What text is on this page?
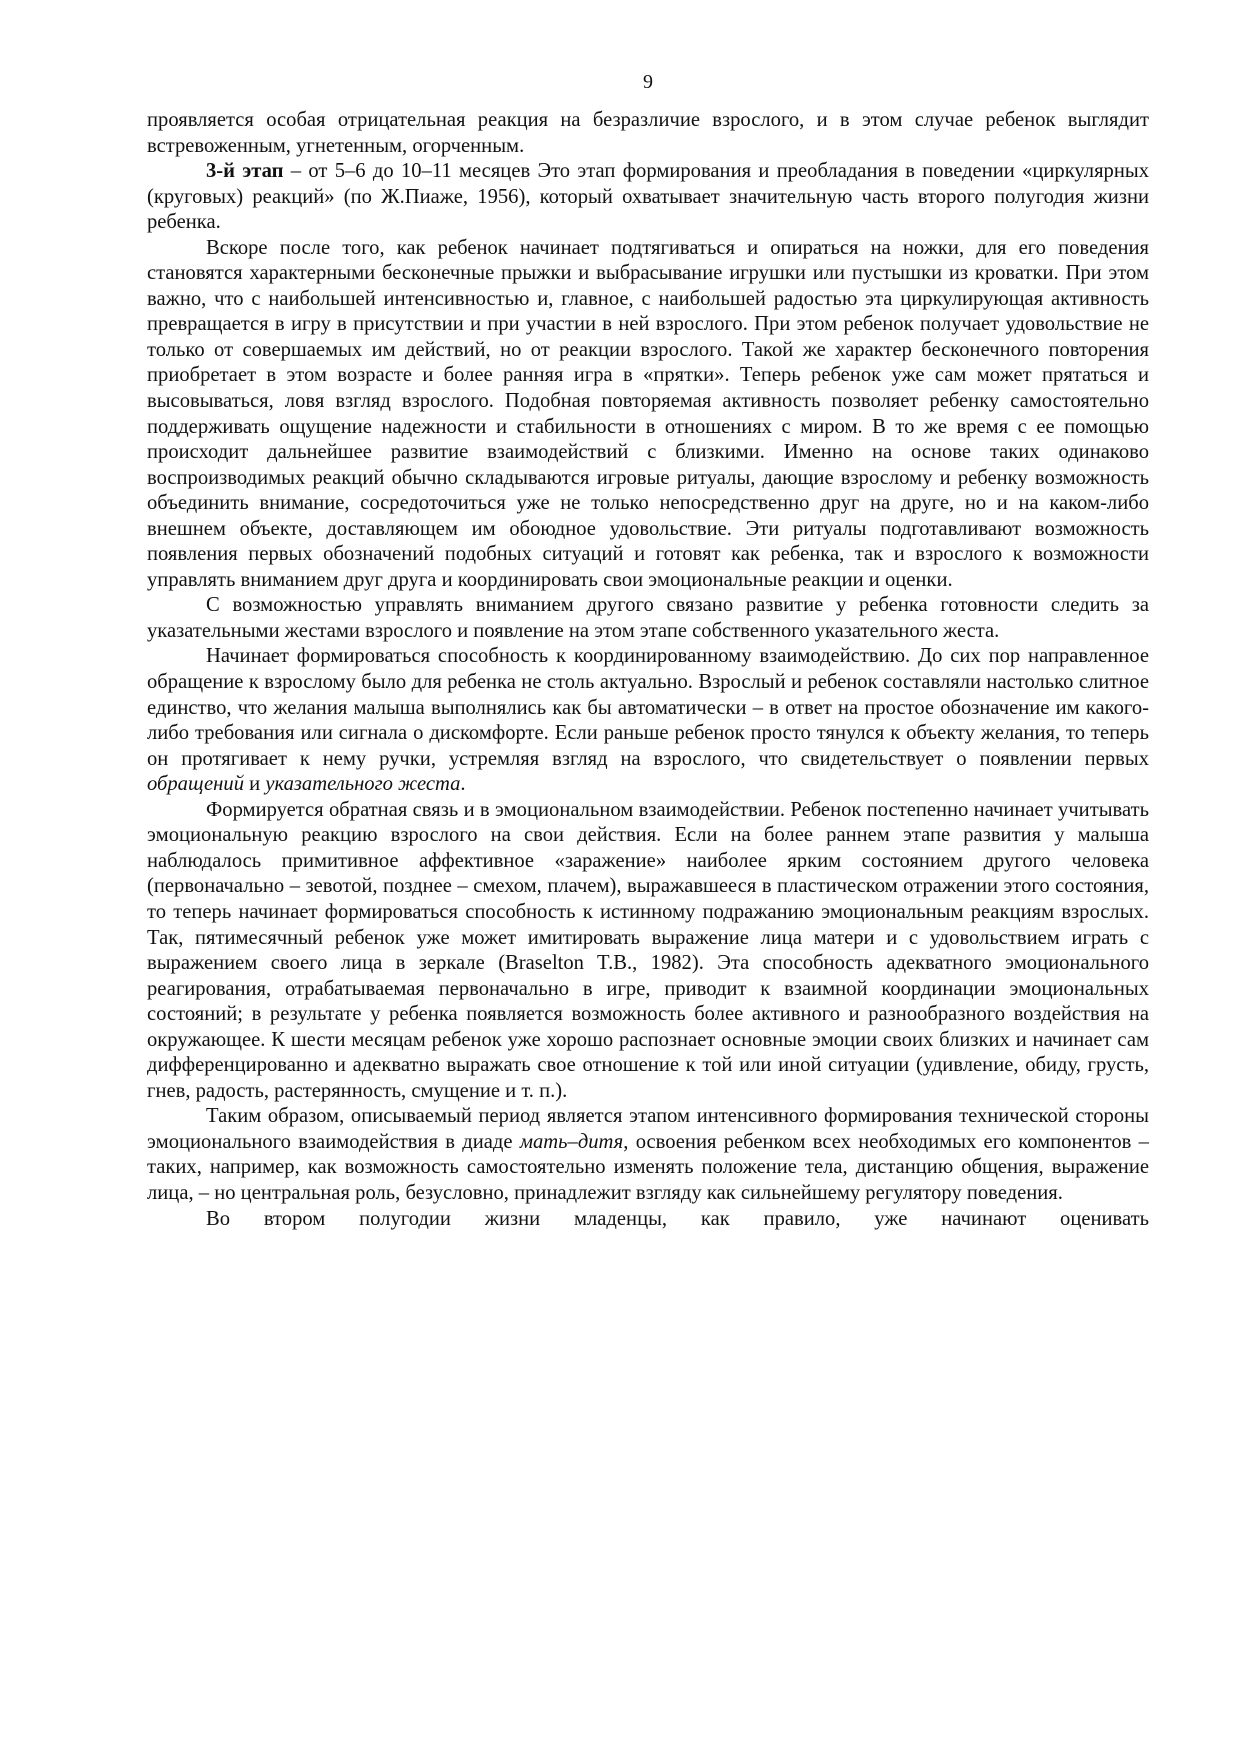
9

проявляется особая отрицательная реакция на безразличие взрослого, и в этом случае ребенок выглядит встревоженным, угнетенным, огорченным.

3-й этап – от 5–6 до 10–11 месяцев Это этап формирования и преобладания в поведении «циркулярных (круговых) реакций» (по Ж.Пиаже, 1956), который охватывает значительную часть второго полугодия жизни ребенка.

Вскоре после того, как ребенок начинает подтягиваться и опираться на ножки, для его поведения становятся характерными бесконечные прыжки и выбрасывание игрушки или пустышки из кроватки. При этом важно, что с наибольшей интенсивностью и, главное, с наибольшей радостью эта циркулирующая активность превращается в игру в присутствии и при участии в ней взрослого. При этом ребенок получает удовольствие не только от совершаемых им действий, но от реакции взрослого. Такой же характер бесконечного повторения приобретает в этом возрасте и более ранняя игра в «прятки». Теперь ребенок уже сам может прятаться и высовываться, ловя взгляд взрослого. Подобная повторяемая активность позволяет ребенку самостоятельно поддерживать ощущение надежности и стабильности в отношениях с миром. В то же время с ее помощью происходит дальнейшее развитие взаимодействий с близкими. Именно на основе таких одинаково воспроизводимых реакций обычно складываются игровые ритуалы, дающие взрослому и ребенку возможность объединить внимание, сосредоточиться уже не только непосредственно друг на друге, но и на каком-либо внешнем объекте, доставляющем им обоюдное удовольствие. Эти ритуалы подготавливают возможность появления первых обозначений подобных ситуаций и готовят как ребенка, так и взрослого к возможности управлять вниманием друг друга и координировать свои эмоциональные реакции и оценки.

С возможностью управлять вниманием другого связано развитие у ребенка готовности следить за указательными жестами взрослого и появление на этом этапе собственного указательного жеста.

Начинает формироваться способность к координированному взаимодействию. До сих пор направленное обращение к взрослому было для ребенка не столь актуально. Взрослый и ребенок составляли настолько слитное единство, что желания малыша выполнялись как бы автоматически – в ответ на простое обозначение им какого-либо требования или сигнала о дискомфорте. Если раньше ребенок просто тянулся к объекту желания, то теперь он протягивает к нему ручки, устремляя взгляд на взрослого, что свидетельствует о появлении первых обращений и указательного жеста.

Формируется обратная связь и в эмоциональном взаимодействии. Ребенок постепенно начинает учитывать эмоциональную реакцию взрослого на свои действия. Если на более раннем этапе развития у малыша наблюдалось примитивное аффективное «заражение» наиболее ярким состоянием другого человека (первоначально – зевотой, позднее – смехом, плачем), выражавшееся в пластическом отражении этого состояния, то теперь начинает формироваться способность к истинному подражанию эмоциональным реакциям взрослых. Так, пятимесячный ребенок уже может имитировать выражение лица матери и с удовольствием играть с выражением своего лица в зеркале (Braselton T.B., 1982). Эта способность адекватного эмоционального реагирования, отрабатываемая первоначально в игре, приводит к взаимной координации эмоциональных состояний; в результате у ребенка появляется возможность более активного и разнообразного воздействия на окружающее. К шести месяцам ребенок уже хорошо распознает основные эмоции своих близких и начинает сам дифференцированно и адекватно выражать свое отношение к той или иной ситуации (удивление, обиду, грусть, гнев, радость, растерянность, смущение и т. п.).

Таким образом, описываемый период является этапом интенсивного формирования технической стороны эмоционального взаимодействия в диаде мать–дитя, освоения ребенком всех необходимых его компонентов – таких, например, как возможность самостоятельно изменять положение тела, дистанцию общения, выражение лица, – но центральная роль, безусловно, принадлежит взгляду как сильнейшему регулятору поведения.

Во втором полугодии жизни младенцы, как правило, уже начинают оценивать
